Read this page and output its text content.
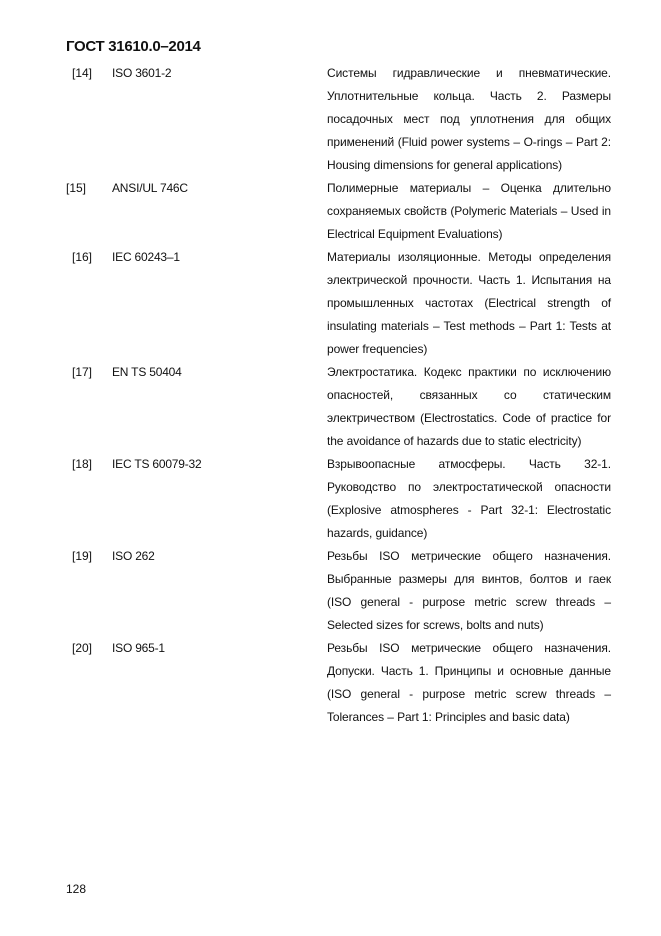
ГОСТ 31610.0–2014
[14] ISO 3601-2	Системы гидравлические и пневматические. Уплотнительные кольца. Часть 2. Размеры посадочных мест под уплотнения для общих применений (Fluid power systems – O-rings – Part 2: Housing dimensions for general applications)
[15] ANSI/UL 746C	Полимерные материалы – Оценка длительно сохраняемых свойств (Polymeric Materials – Used in Electrical Equipment Evaluations)
[16] IEC 60243–1	Материалы изоляционные. Методы определения электрической прочности. Часть 1. Испытания на промышленных частотах (Electrical strength of insulating materials – Test methods – Part 1: Tests at power frequencies)
[17] EN TS 50404	Электростатика. Кодекс практики по исключению опасностей, связанных со статическим электричеством (Electrostatics. Code of practice for the avoidance of hazards due to static electricity)
[18] IEC TS 60079-32	Взрывоопасные атмосферы. Часть 32-1. Руководство по электростатической опасности (Explosive atmospheres - Part 32-1: Electrostatic hazards, guidance)
[19] ISO 262	Резьбы ISO метрические общего назначения. Выбранные размеры для винтов, болтов и гаек (ISO general - purpose metric screw threads – Selected sizes for screws, bolts and nuts)
[20] ISO 965-1	Резьбы ISO метрические общего назначения. Допуски. Часть 1. Принципы и основные данные (ISO general - purpose metric screw threads – Tolerances – Part 1: Principles and basic data)
128
